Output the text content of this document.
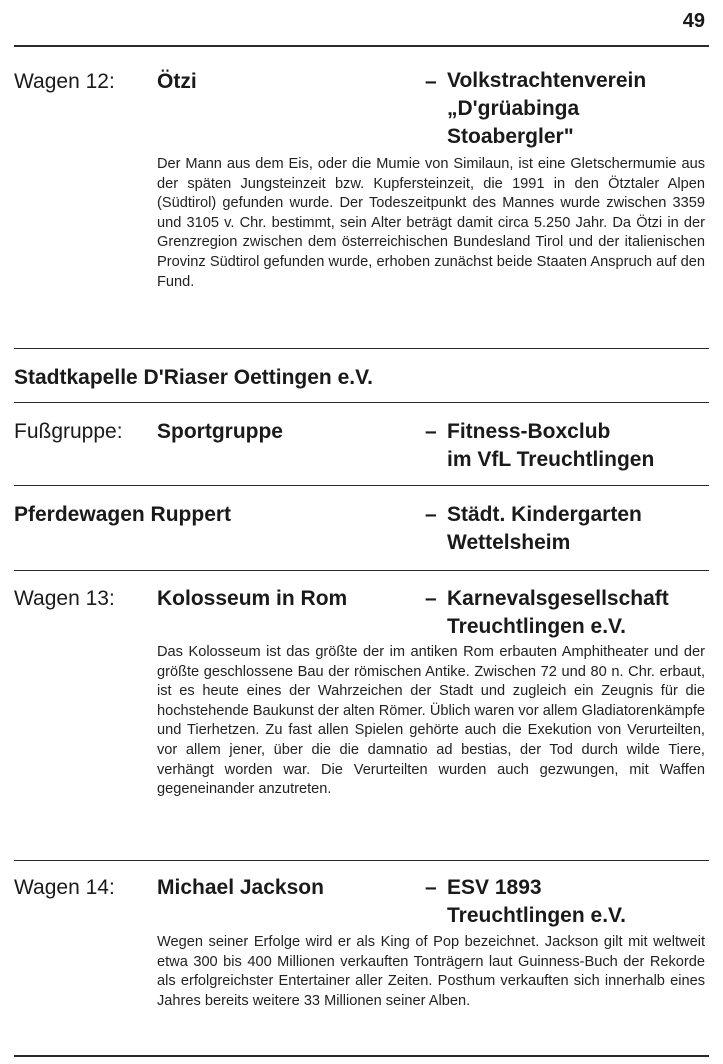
49
Wagen 12: Ötzi	– Volkstrachtenverein
„D'grüabinga
Stoabergler"

Der Mann aus dem Eis, oder die Mumie von Similaun, ist eine Gletschermumie aus der späten Jungsteinzeit bzw. Kupfersteinzeit, die 1991 in den Ötztaler Alpen (Südtirol) gefunden wurde. Der Todeszeitpunkt des Mannes wurde zwischen 3359 und 3105 v. Chr. bestimmt, sein Alter beträgt damit circa 5.250 Jahr. Da Ötzi in der Grenzregion zwischen dem österreichischen Bundesland Tirol und der italienischen Provinz Südtirol gefunden wurde, erhoben zunächst beide Staaten Anspruch auf den Fund.

Stadtkapelle D'Riaser Oettingen e.V.
Fußgruppe: Sportgruppe	– Fitness-Boxclub
im VfL Treuchtlingen
Pferdewagen Ruppert	– Städt. Kindergarten
Wettelsheim
Wagen 13: Kolosseum in Rom	– Karnevalsgesellschaft
Treuchtlingen e.V.

Das Kolosseum ist das größte der im antiken Rom erbauten Amphitheater und der größte geschlossene Bau der römischen Antike. Zwischen 72 und 80 n. Chr. erbaut, ist es heute eines der Wahrzeichen der Stadt und zugleich ein Zeugnis für die hochstehende Baukunst der alten Römer. Üblich waren vor allem Gladiatorenkämpfe und Tierhetzen. Zu fast allen Spielen gehörte auch die Exekution von Verurteilten, vor allem jener, über die die damnatio ad bestias, der Tod durch wilde Tiere, verhängt worden war. Die Verurteilten wurden auch gezwungen, mit Waffen gegeneinander anzutreten.

Wagen 14: Michael Jackson	– ESV 1893
Treuchtlingen e.V.

Wegen seiner Erfolge wird er als King of Pop bezeichnet. Jackson gilt mit weltweit etwa 300 bis 400 Millionen verkauften Tonträgern laut Guinness-Buch der Rekorde als erfolgreichster Entertainer aller Zeiten. Posthum verkauften sich innerhalb eines Jahres bereits weitere 33 Millionen seiner Alben.
